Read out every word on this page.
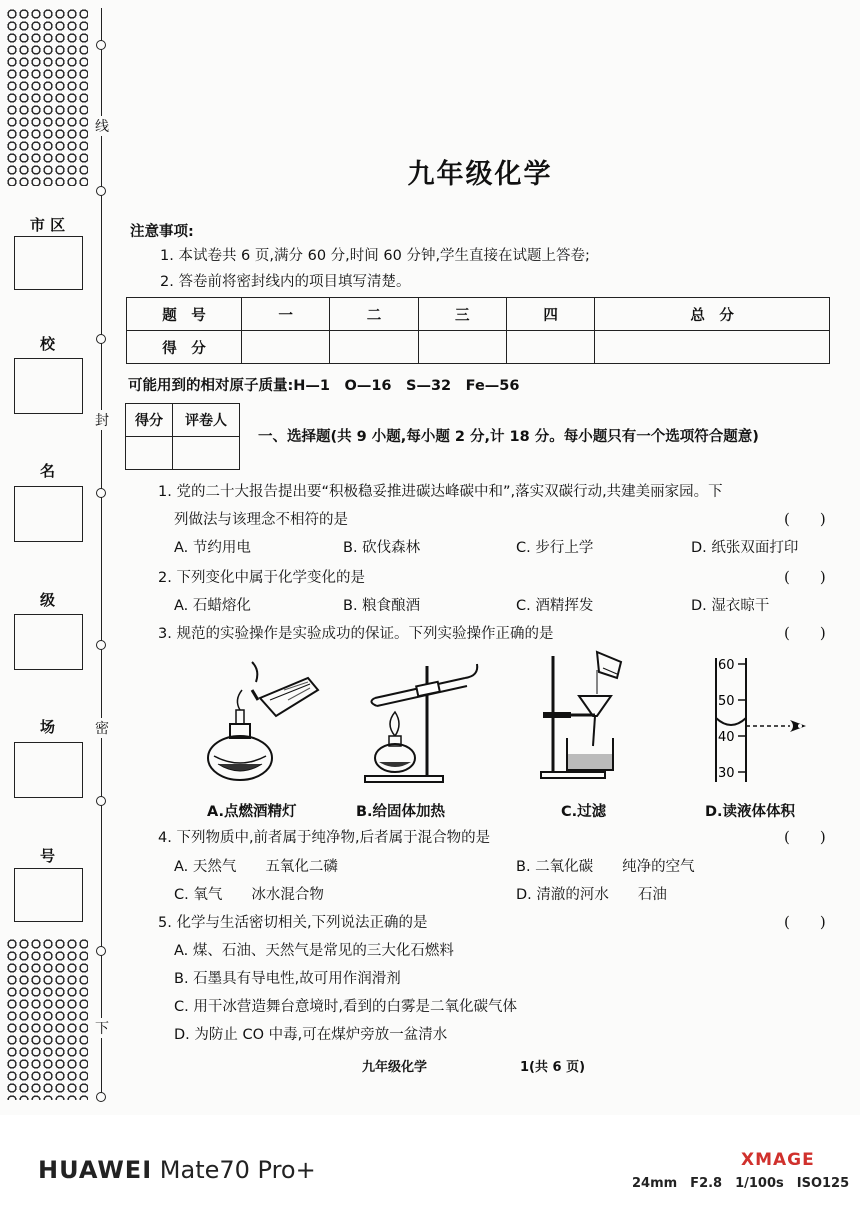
线
封
密
下
市 区
校
名
级
场
号
九年级化学
注意事项:
1. 本试卷共 6 页,满分 60 分,时间 60 分钟,学生直接在试题上答卷;
2. 答卷前将密封线内的项目填写清楚。
题　号	一	二	三	四	总　分
得　分					
可能用到的相对原子质量:H—1　O—16　S—32　Fe—56
得分	评卷人

一、选择题(共 9 小题,每小题 2 分,计 18 分。每小题只有一个选项符合题意)
1. 党的二十大报告提出要“积极稳妥推进碳达峰碳中和”,落实双碳行动,共建美丽家园。下
列做法与该理念不相符的是	(　　)
A. 节约用电	B. 砍伐森林	C. 步行上学	D. 纸张双面打印
2. 下列变化中属于化学变化的是	(　　)
A. 石蜡熔化	B. 粮食酿酒	C. 酒精挥发	D. 湿衣晾干
3. 规范的实验操作是实验成功的保证。下列实验操作正确的是	(　　)
60
50
40
30
A.点燃酒精灯	B.给固体加热	C.过滤	D.读液体体积
4. 下列物质中,前者属于纯净物,后者属于混合物的是	(　　)
A. 天然气　　五氧化二磷	B. 二氧化碳　　纯净的空气
C. 氧气　　冰水混合物	D. 清澈的河水　　石油
5. 化学与生活密切相关,下列说法正确的是	(　　)
A. 煤、石油、天然气是常见的三大化石燃料
B. 石墨具有导电性,故可用作润滑剂
C. 用干冰营造舞台意境时,看到的白雾是二氧化碳气体
D. 为防止 CO 中毒,可在煤炉旁放一盆清水
九年级化学	1(共 6 页)
HUAWEI Mate70 Pro+	XMAGE
24mm　F2.8　1/100s　ISO125
